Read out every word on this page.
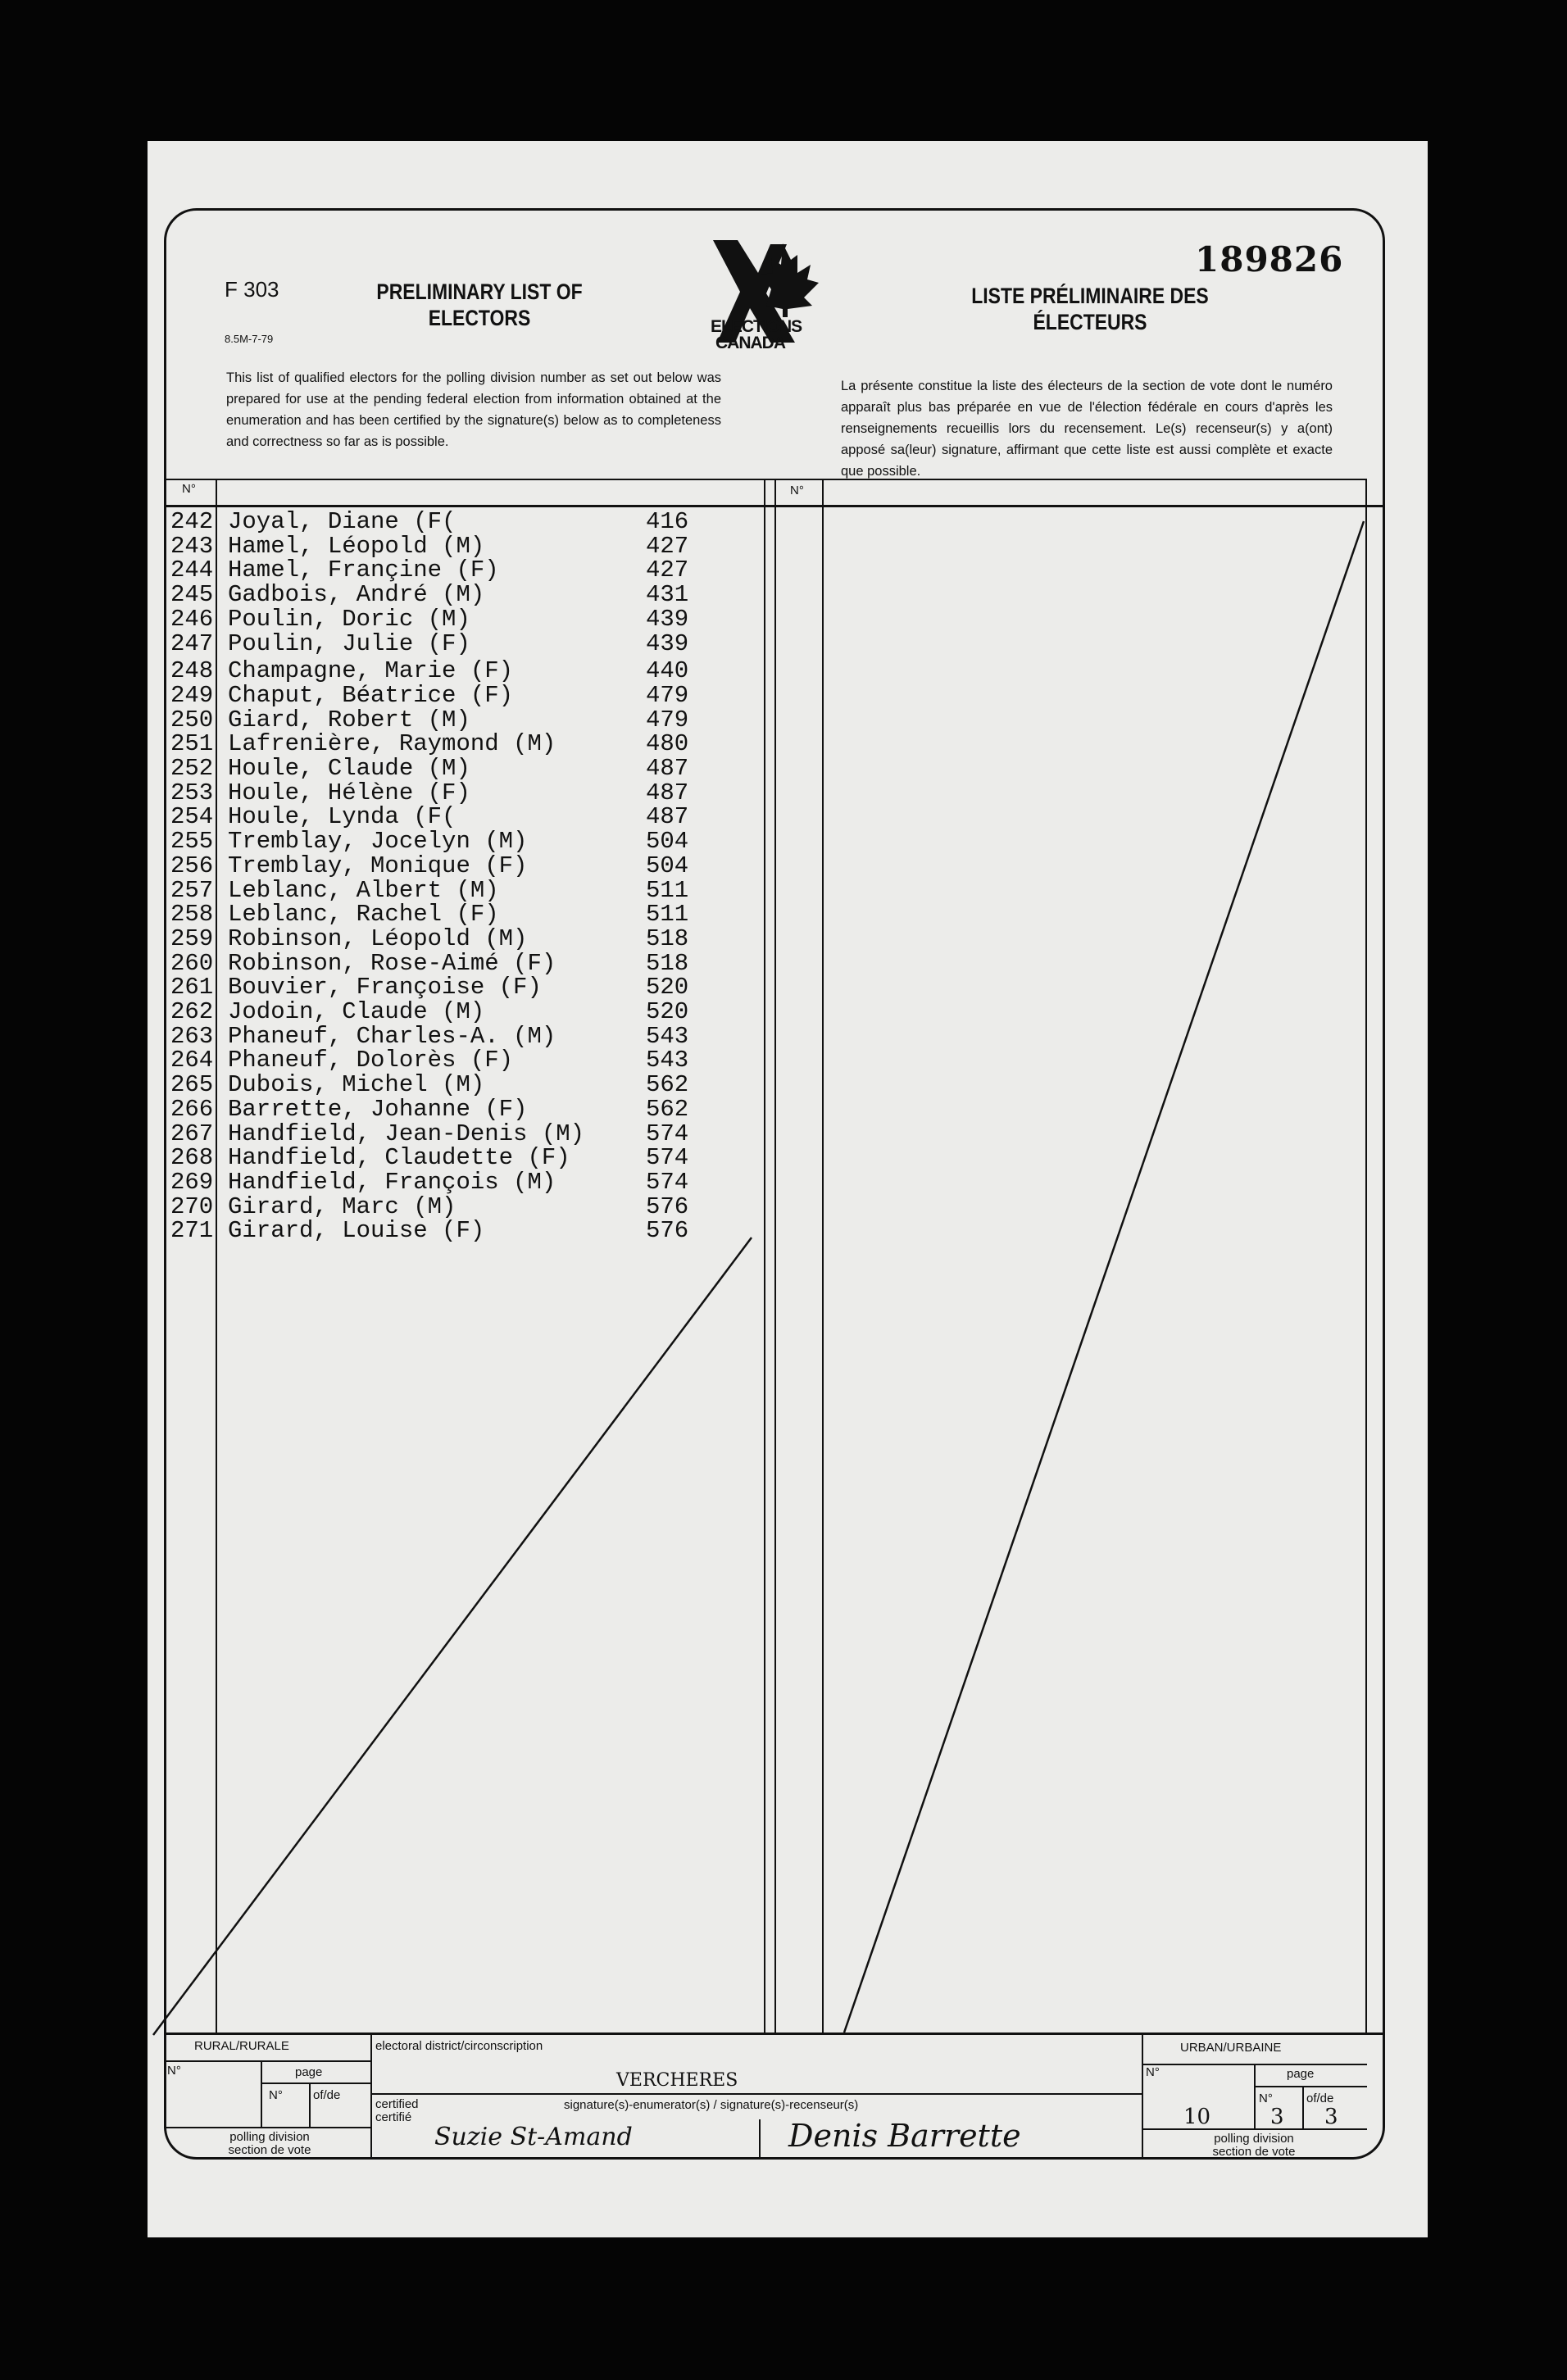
F 303
8.5M-7-79
PRELIMINARY LIST OF ELECTORS
LISTE PRÉLIMINAIRE DES ÉLECTEURS
ELECTIONS
CANADA
189826
This list of qualified electors for the polling division number as set out below was prepared for use at the pending federal election from information obtained at the enumeration and has been certified by the signature(s) below as to completeness and correctness so far as is possible.
La présente constitue la liste des électeurs de la section de vote dont le numéro apparaît plus bas préparée en vue de l'élection fédérale en cours d'après les renseignements recueillis lors du recensement. Le(s) recenseur(s) y a(ont) apposé sa(leur) signature, affirmant que cette liste est aussi complète et exacte que possible.
N°	N°
242 Joyal, Diane (F(	416
243 Hamel, Léopold (M)	427
244 Hamel, Françine (F)	427
245 Gadbois, André (M)	431
246 Poulin, Doric (M)	439
247 Poulin, Julie (F)	439
248 Champagne, Marie (F)	440
249 Chaput, Béatrice (F)	479
250 Giard, Robert (M)	479
251 Lafrenière, Raymond (M)	480
252 Houle, Claude (M)	487
253 Houle, Hélène (F)	487
254 Houle, Lynda (F(	487
255 Tremblay, Jocelyn (M)	504
256 Tremblay, Monique (F)	504
257 Leblanc, Albert (M)	511
258 Leblanc, Rachel (F)	511
259 Robinson, Léopold (M)	518
260 Robinson, Rose-Aimé (F)	518
261 Bouvier, Françoise (F)	520
262 Jodoin, Claude (M)	520
263 Phaneuf, Charles-A. (M)	543
264 Phaneuf, Dolorès (F)	543
265 Dubois, Michel (M)	562
266 Barrette, Johanne (F)	562
267 Handfield, Jean-Denis (M)	574
268 Handfield, Claudette (F)	574
269 Handfield, François (M)	574
270 Girard, Marc (M)	576
271 Girard, Louise (F)	576
RURAL/RURALE
N°	page
N° of/de
polling division
section de vote
electoral district/circonscription
VERCHERES
certified
certifié
signature(s)-enumerator(s) / signature(s)-recenseur(s)
Suzie St-Amand	Denis Barrette
URBAN/URBAINE
N°	page
N°	of/de
10	3 3
polling division
section de vote
